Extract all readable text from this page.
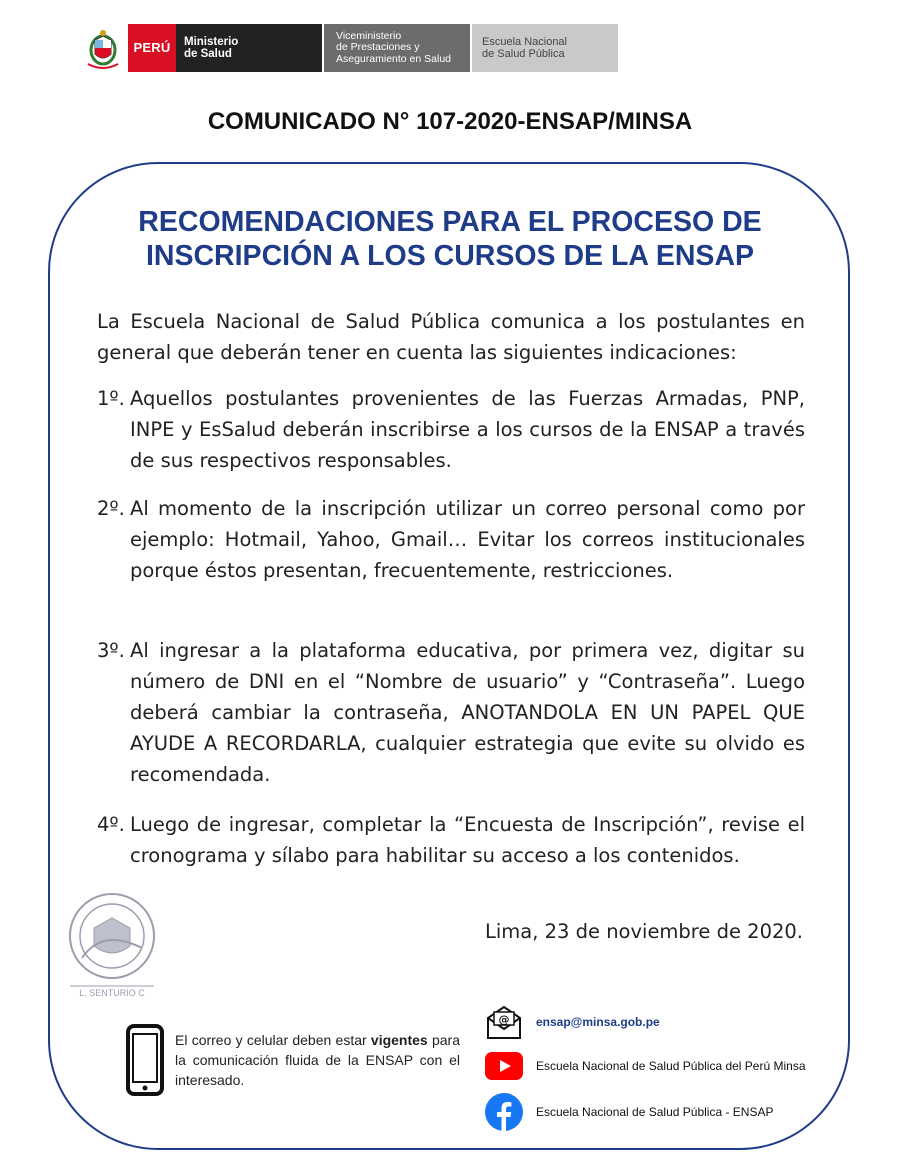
PERÚ Ministerio
de Salud
Viceministerio
de Prestaciones y
Aseguramiento en Salud
Escuela Nacional
de Salud Pública
COMUNICADO N° 107-2020-ENSAP/MINSA
RECOMENDACIONES PARA EL PROCESO DE
INSCRIPCIÓN A LOS CURSOS DE LA ENSAP
La Escuela Nacional de Salud Pública comunica a los postulantes en general que deberán tener en cuenta las siguientes indicaciones:
1º. Aquellos postulantes provenientes de las Fuerzas Armadas, PNP, INPE y EsSalud deberán inscribirse a los cursos de la ENSAP a través de sus respectivos responsables.
2º. Al momento de la inscripción utilizar un correo personal como por ejemplo: Hotmail, Yahoo, Gmail… Evitar los correos institucionales porque éstos presentan, frecuentemente, restricciones.
3º. Al ingresar a la plataforma educativa, por primera vez, digitar su número de DNI en el “Nombre de usuario” y “Contraseña”. Luego deberá cambiar la contraseña, ANOTANDOLA EN UN PAPEL QUE AYUDE A RECORDARLA, cualquier estrategia que evite su olvido es recomendada.
4º. Luego de ingresar, completar la “Encuesta de Inscripción”, revise el cronograma y sílabo para habilitar su acceso a los contenidos.
Lima, 23 de noviembre de 2020.
L. SENTURIO C
El correo y celular deben estar vigentes para la comunicación fluida de la ENSAP con el interesado.
@ ensap@minsa.gob.pe
Escuela Nacional de Salud Pública del Perú Minsa
Escuela Nacional de Salud Pública - ENSAP
